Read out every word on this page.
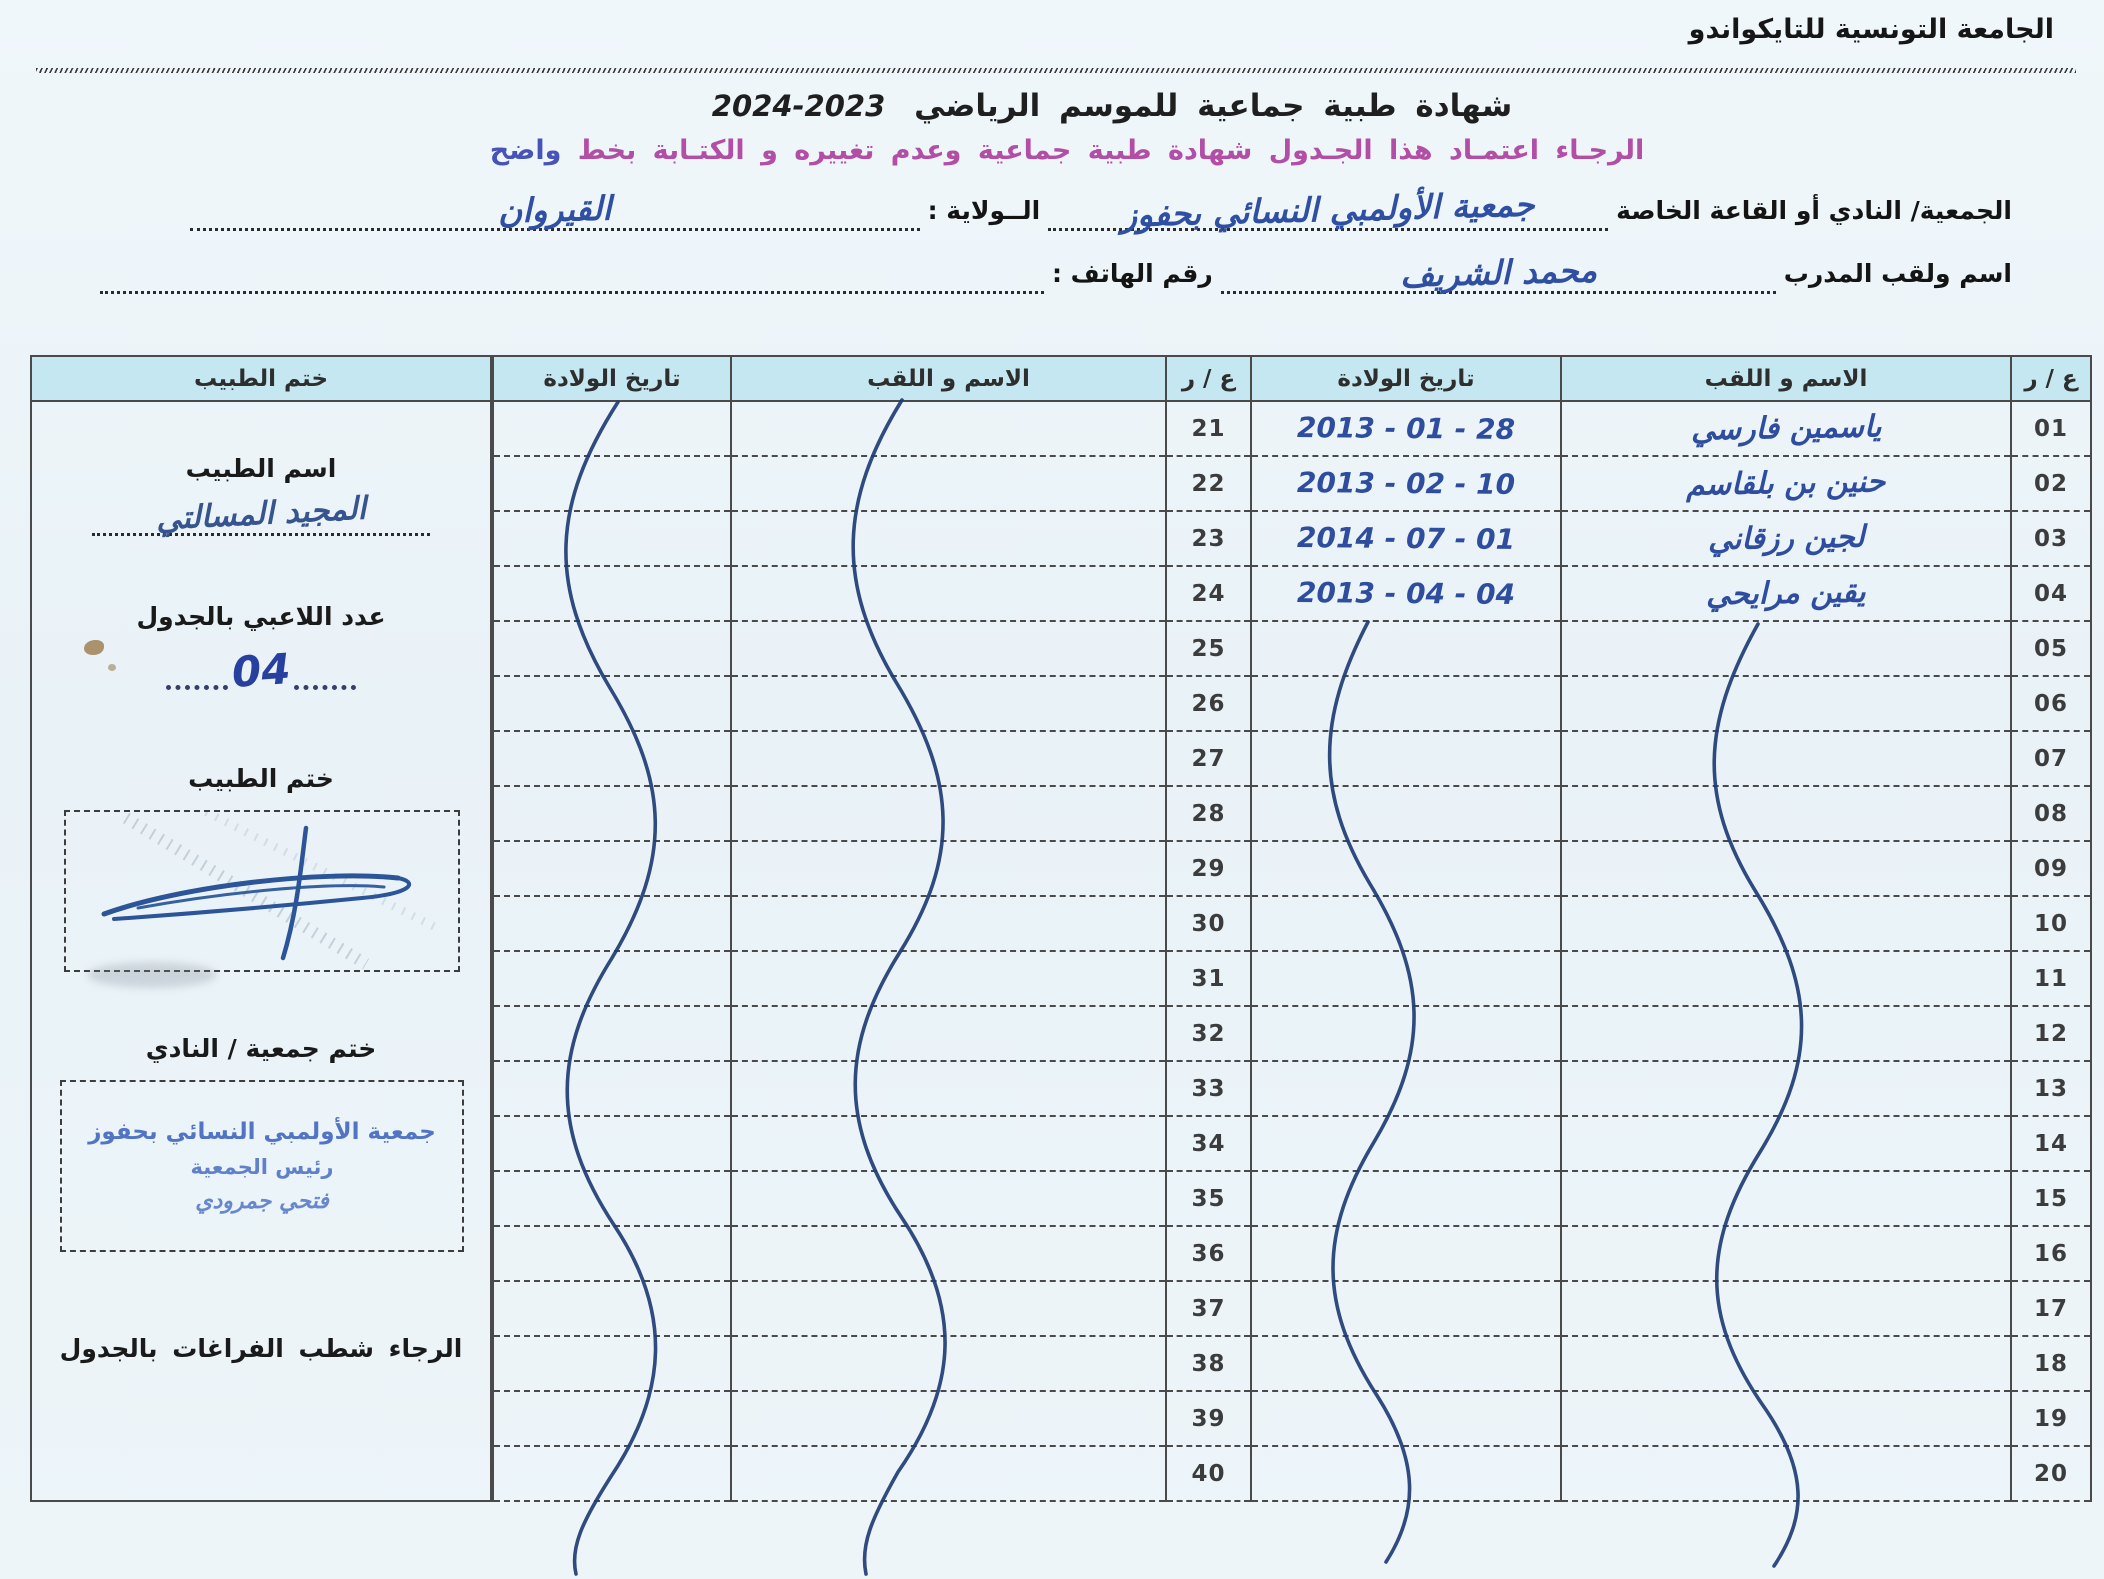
الجامعة التونسية للتايكواندو
شهادة طبية جماعية للموسم الرياضي 2024-2023
الرجـاء اعتمـاد هذا الجـدول شهادة طبية جماعية وعدم تغييره و الكتـابة بخط واضح
الجمعية/ النادي أو القاعة الخاصة
جمعية الأولمبي النسائي بحفوز
الــولاية :
القيروان
اسم ولقب المدرب
محمد الشريف
رقم الهاتف :
ع / ر	الاسم و اللقب	تاريخ الولادة	ع / ر	الاسم و اللقب	تاريخ الولادة
01	ياسمين فارسي	2013 - 01 - 28	21		
02	حنين بن بلقاسم	2013 - 02 - 10	22		
03	لجين رزقاني	2014 - 07 - 01	23		
04	يقين مرايحي	2013 - 04 - 04	24		
05			25		
06			26		
07			27		
08			28		
09			29		
10			30		
11			31		
12			32		
13			33		
14			34		
15			35		
16			36		
17			37		
18			38		
19			39		
20			40		
ختم الطبيب
اسم الطبيب
المجيد المسالتي
عدد اللاعبي بالجدول
04
ختم الطبيب
ختم جمعية / النادي
جمعية الأولمبي النسائي بحفوز
رئيس الجمعية
فتحي جمرودي
الرجاء شطب الفراغات بالجدول
